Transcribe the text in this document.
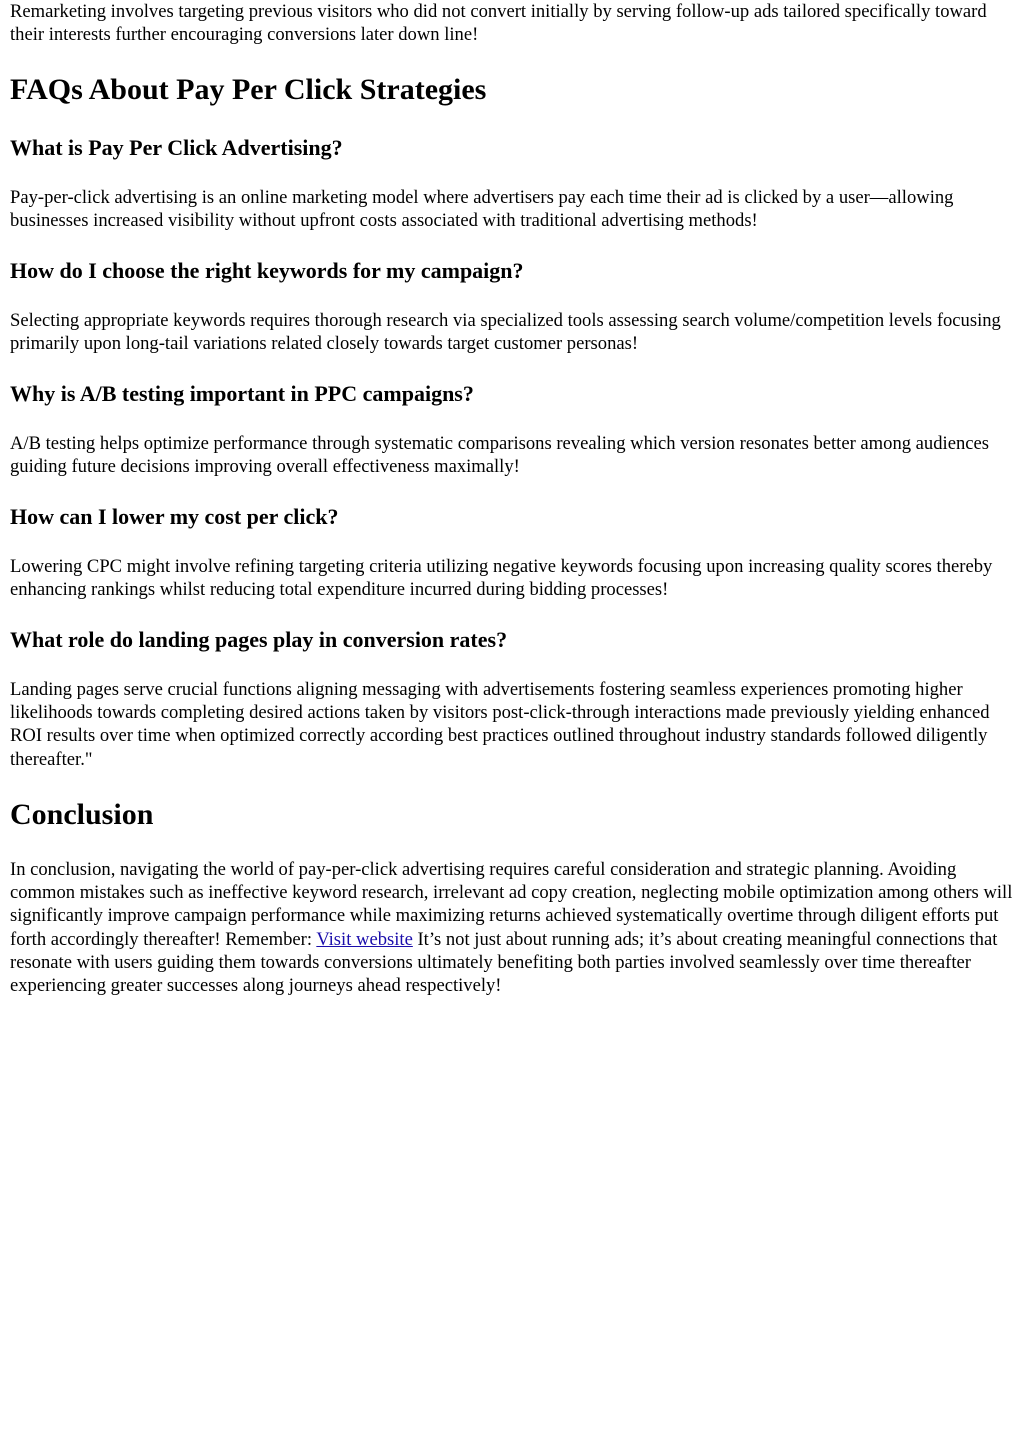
Remarketing involves targeting previous visitors who did not convert initially by serving follow-up ads tailored specifically toward their interests further encouraging conversions later down line!

FAQs About Pay Per Click Strategies
What is Pay Per Click Advertising?

Pay-per-click advertising is an online marketing model where advertisers pay each time their ad is clicked by a user—allowing businesses increased visibility without upfront costs associated with traditional advertising methods!

How do I choose the right keywords for my campaign?

Selecting appropriate keywords requires thorough research via specialized tools assessing search volume/competition levels focusing primarily upon long-tail variations related closely towards target customer personas!

Why is A/B testing important in PPC campaigns?

A/B testing helps optimize performance through systematic comparisons revealing which version resonates better among audiences guiding future decisions improving overall effectiveness maximally!

How can I lower my cost per click?

Lowering CPC might involve refining targeting criteria utilizing negative keywords focusing upon increasing quality scores thereby enhancing rankings whilst reducing total expenditure incurred during bidding processes!

What role do landing pages play in conversion rates?

Landing pages serve crucial functions aligning messaging with advertisements fostering seamless experiences promoting higher likelihoods towards completing desired actions taken by visitors post-click-through interactions made previously yielding enhanced ROI results over time when optimized correctly according best practices outlined throughout industry standards followed diligently thereafter."

Conclusion

In conclusion, navigating the world of pay-per-click advertising requires careful consideration and strategic planning. Avoiding common mistakes such as ineffective keyword research, irrelevant ad copy creation, neglecting mobile optimization among others will significantly improve campaign performance while maximizing returns achieved systematically overtime through diligent efforts put forth accordingly thereafter! Remember: Visit website It’s not just about running ads; it’s about creating meaningful connections that resonate with users guiding them towards conversions ultimately benefiting both parties involved seamlessly over time thereafter experiencing greater successes along journeys ahead respectively!
